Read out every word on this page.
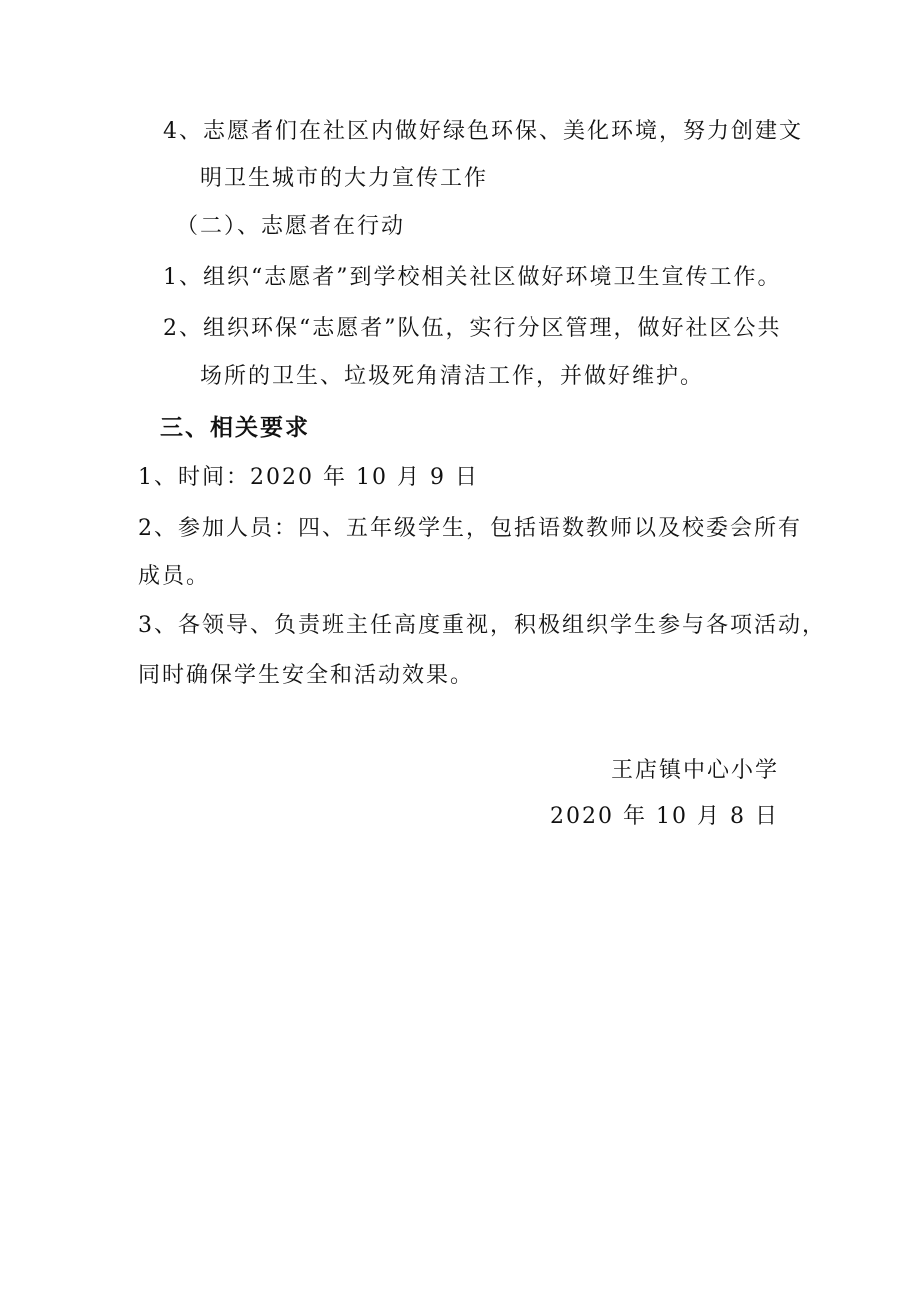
4、志愿者们在社区内做好绿色环保、美化环境，努力创建文
明卫生城市的大力宣传工作
（二）、志愿者在行动
1、组织“志愿者”到学校相关社区做好环境卫生宣传工作。
2、组织环保“志愿者”队伍，实行分区管理，做好社区公共
场所的卫生、垃圾死角清洁工作，并做好维护。
三、相关要求
1、时间：2020 年 10 月 9 日
2、参加人员：四、五年级学生，包括语数教师以及校委会所有
成员。
3、各领导、负责班主任高度重视，积极组织学生参与各项活动，
同时确保学生安全和活动效果。
王店镇中心小学
2020 年 10 月 8 日
